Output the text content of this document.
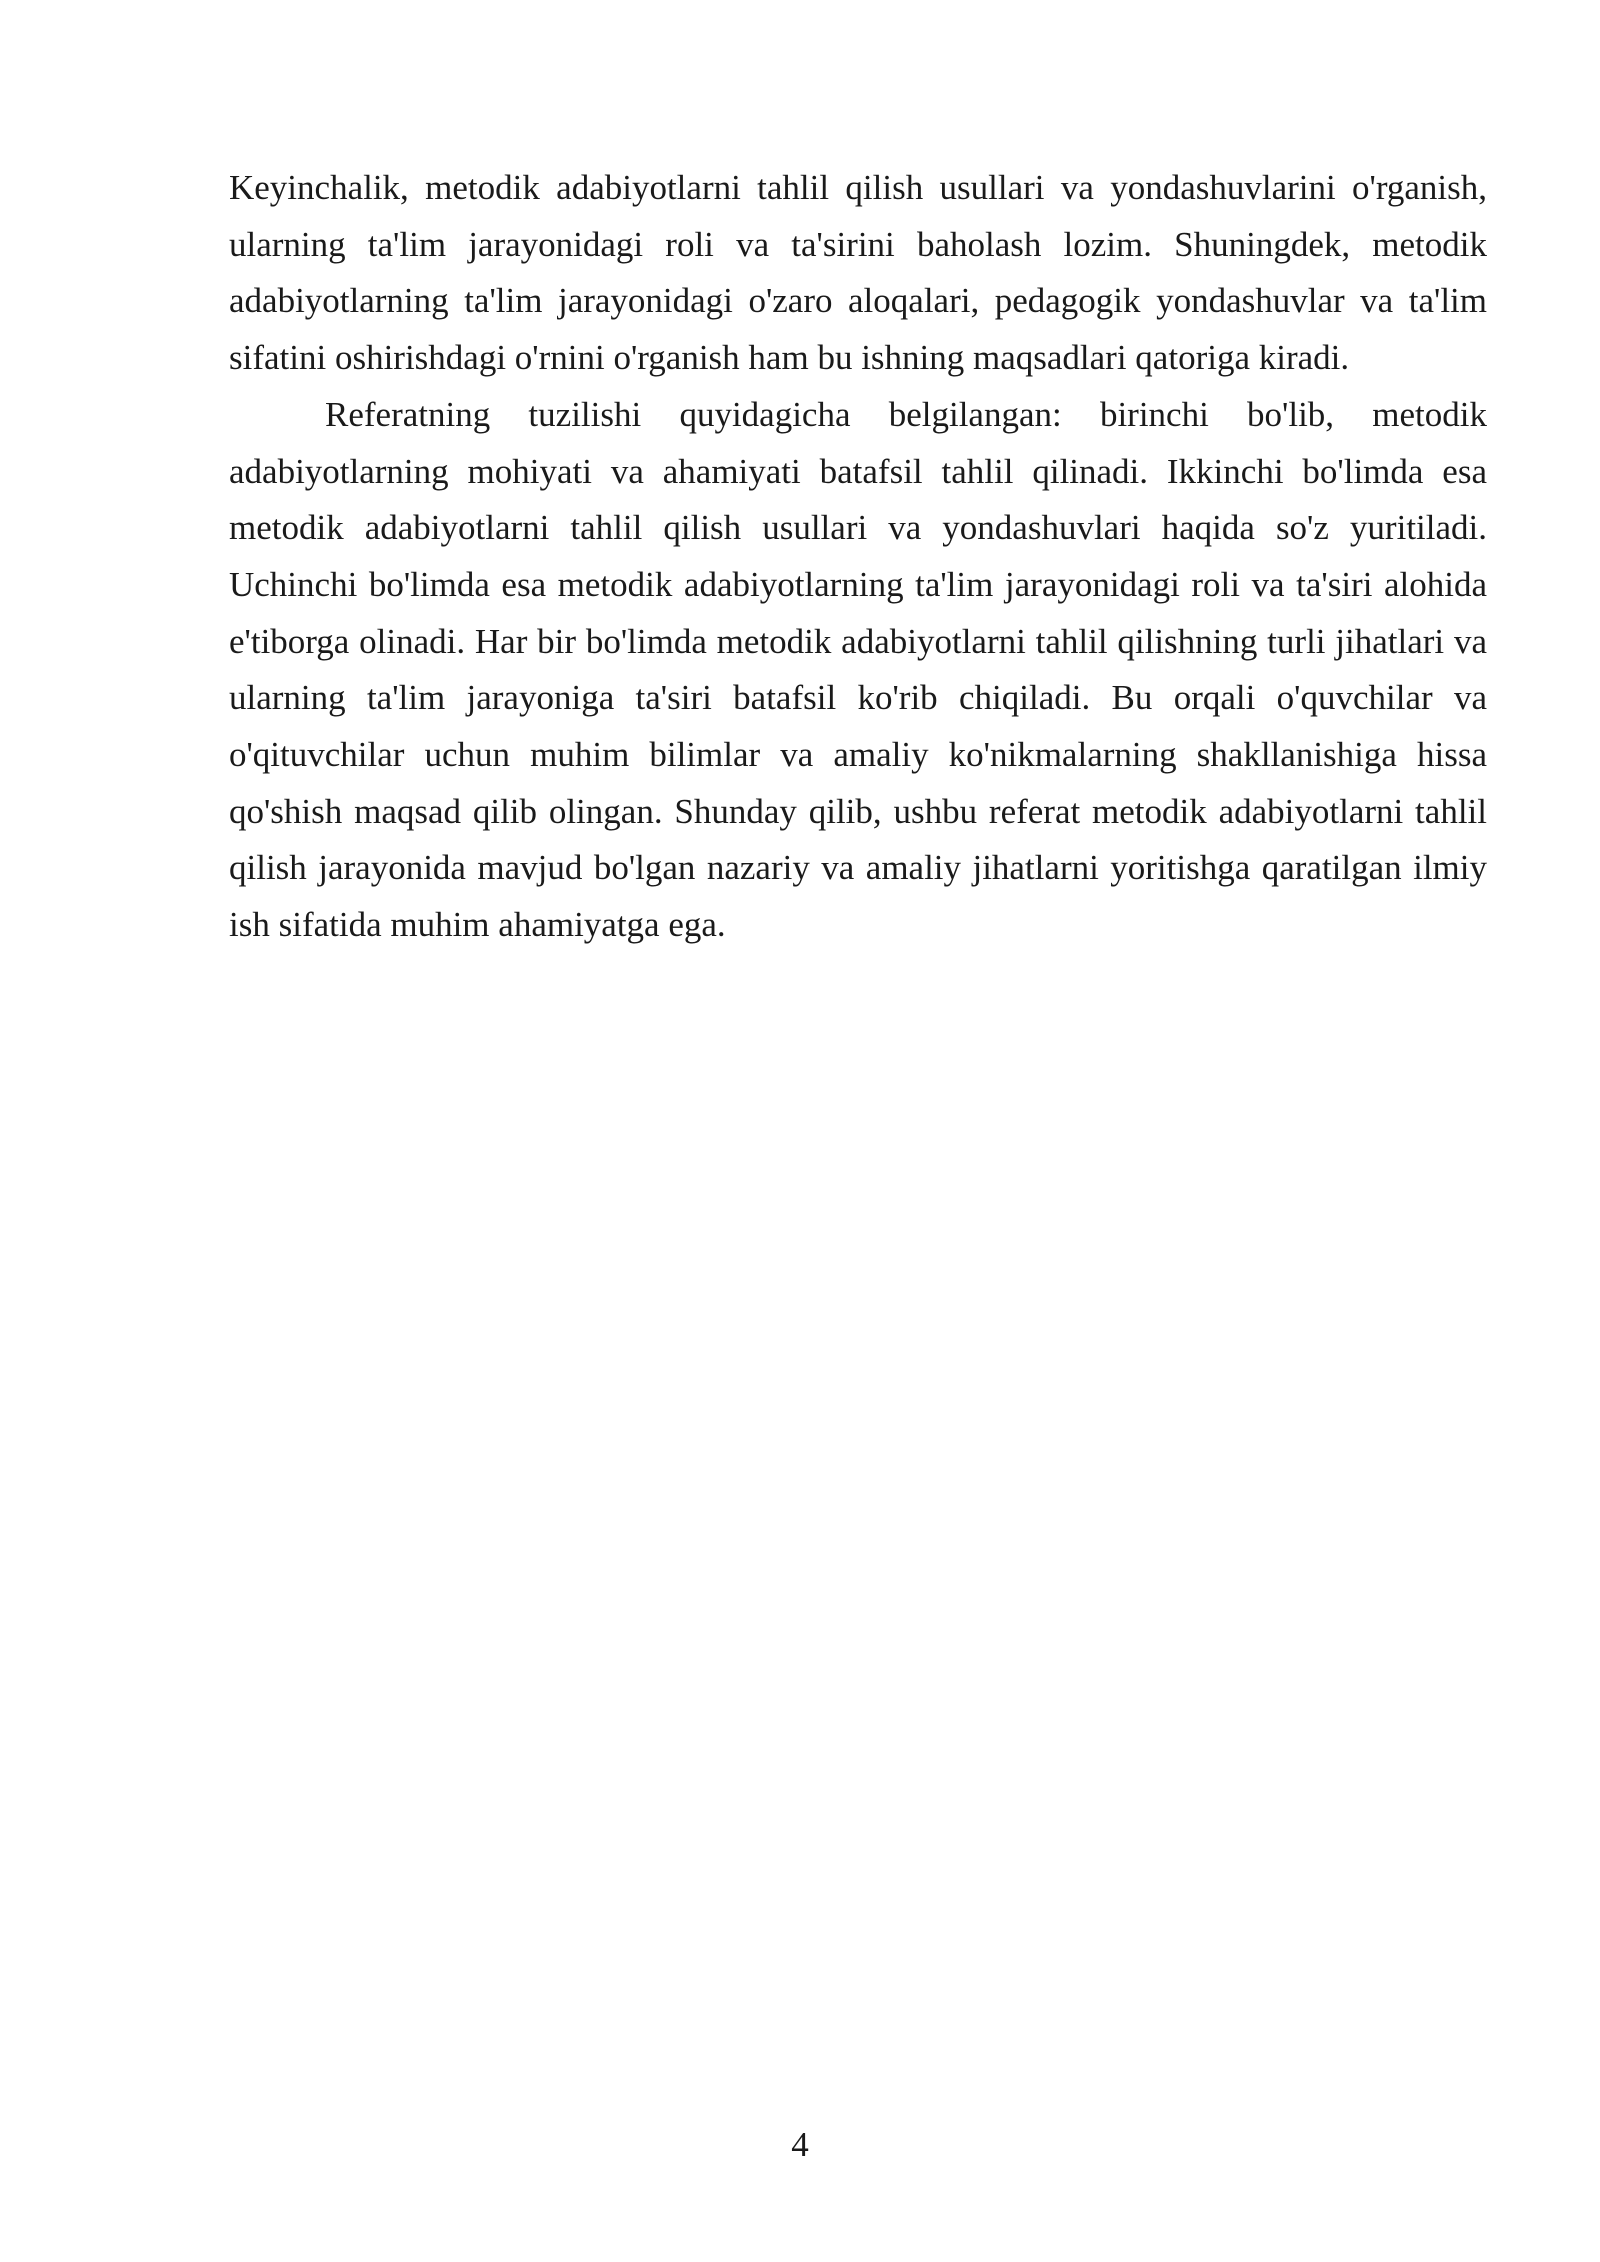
Keyinchalik, metodik adabiyotlarni tahlil qilish usullari va yondashuvlarini o'rganish, ularning ta'lim jarayonidagi roli va ta'sirini baholash lozim. Shuningdek, metodik adabiyotlarning ta'lim jarayonidagi o'zaro aloqalari, pedagogik yondashuvlar va ta'lim sifatini oshirishdagi o'rnini o'rganish ham bu ishning maqsadlari qatoriga kiradi.

Referatning tuzilishi quyidagicha belgilangan: birinchi bo'lib, metodik adabiyotlarning mohiyati va ahamiyati batafsil tahlil qilinadi. Ikkinchi bo'limda esa metodik adabiyotlarni tahlil qilish usullari va yondashuvlari haqida so'z yuritiladi. Uchinchi bo'limda esa metodik adabiyotlarning ta'lim jarayonidagi roli va ta'siri alohida e'tiborga olinadi. Har bir bo'limda metodik adabiyotlarni tahlil qilishning turli jihatlari va ularning ta'lim jarayoniga ta'siri batafsil ko'rib chiqiladi. Bu orqali o'quvchilar va o'qituvchilar uchun muhim bilimlar va amaliy ko'nikmalarning shakllanishiga hissa qo'shish maqsad qilib olingan. Shunday qilib, ushbu referat metodik adabiyotlarni tahlil qilish jarayonida mavjud bo'lgan nazariy va amaliy jihatlarni yoritishga qaratilgan ilmiy ish sifatida muhim ahamiyatga ega.

4
